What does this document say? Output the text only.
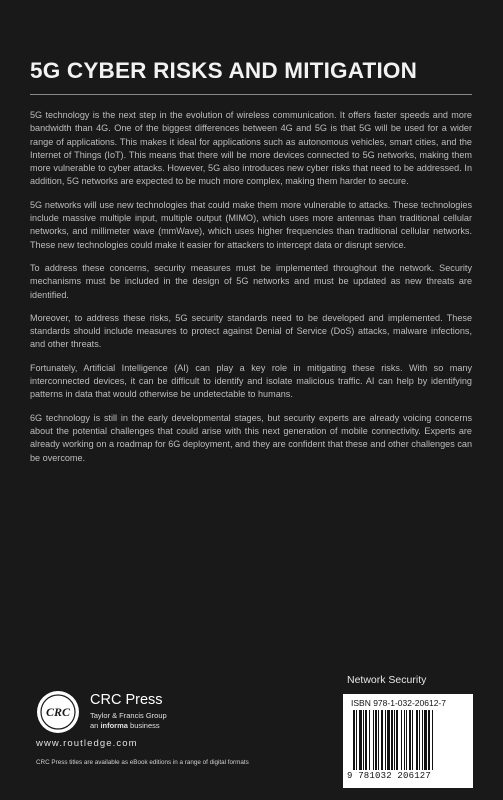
5G CYBER RISKS AND MITIGATION

5G technology is the next step in the evolution of wireless communication. It offers faster speeds and more bandwidth than 4G. One of the biggest differences between 4G and 5G is that 5G will be used for a wider range of applications. This makes it ideal for applications such as autonomous vehicles, smart cities, and the Internet of Things (IoT). This means that there will be more devices connected to 5G networks, making them more vulnerable to cyber attacks. However, 5G also introduces new cyber risks that need to be addressed. In addition, 5G networks are expected to be much more complex, making them harder to secure.

5G networks will use new technologies that could make them more vulnerable to attacks. These technologies include massive multiple input, multiple output (MIMO), which uses more antennas than traditional cellular networks, and millimeter wave (mmWave), which uses higher frequencies than traditional cellular networks. These new technologies could make it easier for attackers to intercept data or disrupt service.

To address these concerns, security measures must be implemented throughout the network. Security mechanisms must be included in the design of 5G networks and must be updated as new threats are identified.

Moreover, to address these risks, 5G security standards need to be developed and implemented. These standards should include measures to protect against Denial of Service (DoS) attacks, malware infections, and other threats.

Fortunately, Artificial Intelligence (AI) can play a key role in mitigating these risks. With so many interconnected devices, it can be difficult to identify and isolate malicious traffic. AI can help by identifying patterns in data that would otherwise be undetectable to humans.

6G technology is still in the early developmental stages, but security experts are already voicing concerns about the potential challenges that could arise with this next generation of mobile connectivity. Experts are already working on a roadmap for 6G deployment, and they are confident that these and other challenges can be overcome.

Network Security
ISBN 978-1-032-20612-7
9 781032 206127
CRC
CRC Press
Taylor & Francis Group
an informa business
www.routledge.com
CRC Press titles are available as eBook editions in a range of digital formats
